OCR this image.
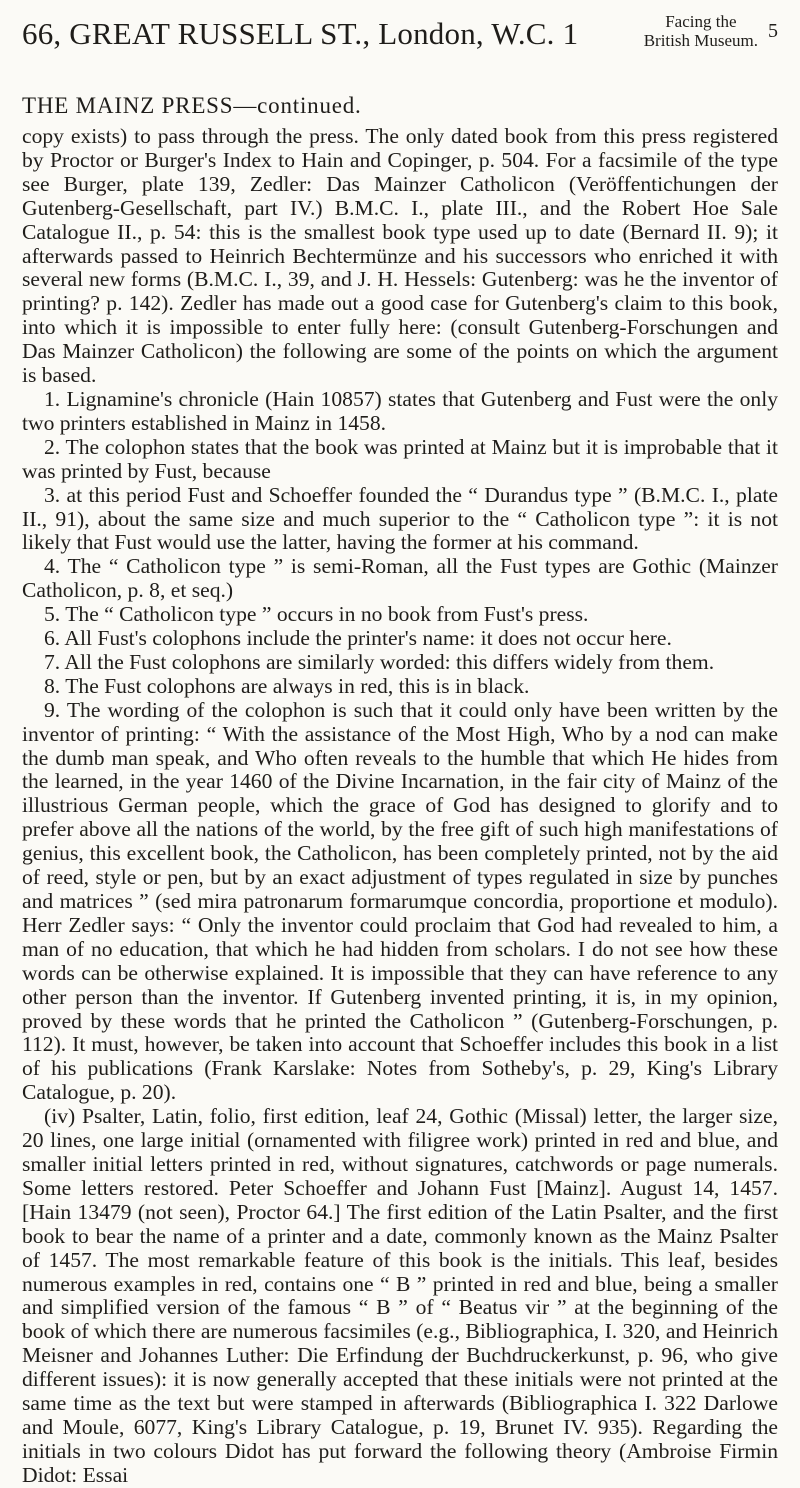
66, GREAT RUSSELL ST., London, W.C. 1	Facing the
British Museum. 5
THE MAINZ PRESS—continued.

copy exists) to pass through the press. The only dated book from this press registered by Proctor or Burger's Index to Hain and Copinger, p. 504. For a facsimile of the type see Burger, plate 139, Zedler: Das Mainzer Catholicon (Veröffentichungen der Gutenberg-Gesellschaft, part IV.) B.M.C. I., plate III., and the Robert Hoe Sale Catalogue II., p. 54: this is the smallest book type used up to date (Bernard II. 9); it afterwards passed to Heinrich Bechtermünze and his successors who enriched it with several new forms (B.M.C. I., 39, and J. H. Hessels: Gutenberg: was he the inventor of printing? p. 142). Zedler has made out a good case for Gutenberg's claim to this book, into which it is impossible to enter fully here: (consult Gutenberg-Forschungen and Das Mainzer Catholicon) the following are some of the points on which the argument is based.

1. Lignamine's chronicle (Hain 10857) states that Gutenberg and Fust were the only two printers established in Mainz in 1458.

2. The colophon states that the book was printed at Mainz but it is improbable that it was printed by Fust, because

3. at this period Fust and Schoeffer founded the “ Durandus type ” (B.M.C. I., plate II., 91), about the same size and much superior to the “ Catholicon type ”: it is not likely that Fust would use the latter, having the former at his command.

4. The “ Catholicon type ” is semi-Roman, all the Fust types are Gothic (Mainzer Catholicon, p. 8, et seq.)

5. The “ Catholicon type ” occurs in no book from Fust's press.

6. All Fust's colophons include the printer's name: it does not occur here.

7. All the Fust colophons are similarly worded: this differs widely from them.

8. The Fust colophons are always in red, this is in black.

9. The wording of the colophon is such that it could only have been written by the inventor of printing: “ With the assistance of the Most High, Who by a nod can make the dumb man speak, and Who often reveals to the humble that which He hides from the learned, in the year 1460 of the Divine Incarnation, in the fair city of Mainz of the illustrious German people, which the grace of God has designed to glorify and to prefer above all the nations of the world, by the free gift of such high manifestations of genius, this excellent book, the Catholicon, has been completely printed, not by the aid of reed, style or pen, but by an exact adjustment of types regulated in size by punches and matrices ” (sed mira patronarum formarumque concordia, proportione et modulo). Herr Zedler says: “ Only the inventor could proclaim that God had revealed to him, a man of no education, that which he had hidden from scholars. I do not see how these words can be otherwise explained. It is impossible that they can have reference to any other person than the inventor. If Gutenberg invented printing, it is, in my opinion, proved by these words that he printed the Catholicon ” (Gutenberg-Forschungen, p. 112). It must, however, be taken into account that Schoeffer includes this book in a list of his publications (Frank Karslake: Notes from Sotheby's, p. 29, King's Library Catalogue, p. 20).

(iv) Psalter, Latin, folio, first edition, leaf 24, Gothic (Missal) letter, the larger size, 20 lines, one large initial (ornamented with filigree work) printed in red and blue, and smaller initial letters printed in red, without signatures, catchwords or page numerals. Some letters restored. Peter Schoeffer and Johann Fust [Mainz]. August 14, 1457. [Hain 13479 (not seen), Proctor 64.] The first edition of the Latin Psalter, and the first book to bear the name of a printer and a date, commonly known as the Mainz Psalter of 1457. The most remarkable feature of this book is the initials. This leaf, besides numerous examples in red, contains one “ B ” printed in red and blue, being a smaller and simplified version of the famous “ B ” of “ Beatus vir ” at the beginning of the book of which there are numerous facsimiles (e.g., Bibliographica, I. 320, and Heinrich Meisner and Johannes Luther: Die Erfindung der Buchdruckerkunst, p. 96, who give different issues): it is now generally accepted that these initials were not printed at the same time as the text but were stamped in afterwards (Bibliographica I. 322 Darlowe and Moule, 6077, King's Library Catalogue, p. 19, Brunet IV. 935). Regarding the initials in two colours Didot has put forward the following theory (Ambroise Firmin Didot: Essai
